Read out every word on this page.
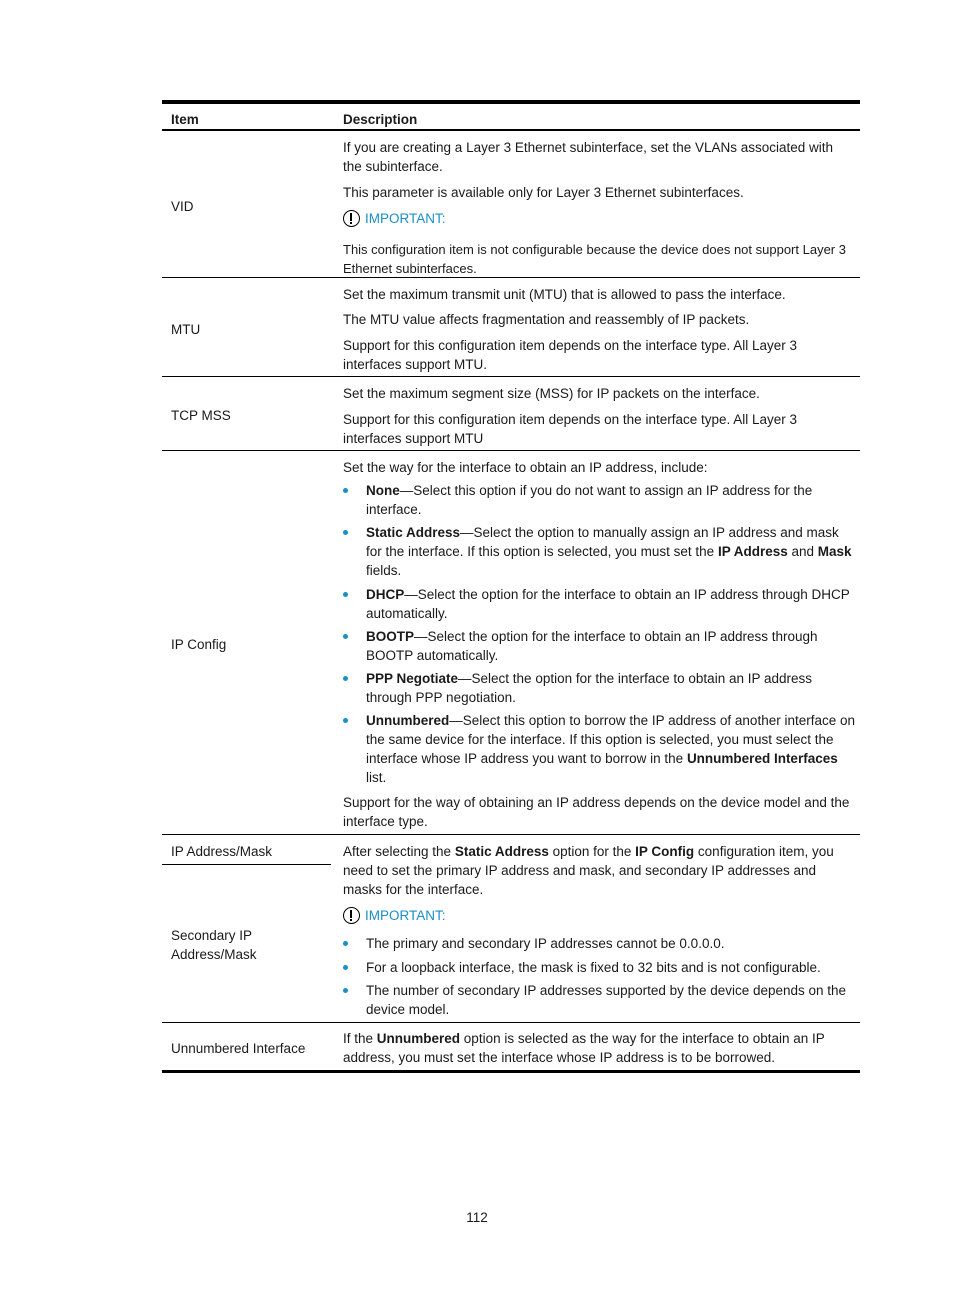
Item	Description
VID

If you are creating a Layer 3 Ethernet subinterface, set the VLANs associated with the subinterface.

This parameter is available only for Layer 3 Ethernet subinterfaces.

IMPORTANT:

This configuration item is not configurable because the device does not support Layer 3 Ethernet subinterfaces.

MTU

Set the maximum transmit unit (MTU) that is allowed to pass the interface.

The MTU value affects fragmentation and reassembly of IP packets.

Support for this configuration item depends on the interface type. All Layer 3 interfaces support MTU.

TCP MSS

Set the maximum segment size (MSS) for IP packets on the interface.

Support for this configuration item depends on the interface type. All Layer 3 interfaces support MTU

IP Config

Set the way for the interface to obtain an IP address, include:

None—Select this option if you do not want to assign an IP address for the interface.

Static Address—Select the option to manually assign an IP address and mask for the interface. If this option is selected, you must set the IP Address and Mask fields.

DHCP—Select the option for the interface to obtain an IP address through DHCP automatically.

BOOTP—Select the option for the interface to obtain an IP address through BOOTP automatically.

PPP Negotiate—Select the option for the interface to obtain an IP address through PPP negotiation.

Unnumbered—Select this option to borrow the IP address of another interface on the same device for the interface. If this option is selected, you must select the interface whose IP address you want to borrow in the Unnumbered Interfaces list.

Support for the way of obtaining an IP address depends on the device model and the interface type.

IP Address/Mask
Secondary IP Address/Mask

After selecting the Static Address option for the IP Config configuration item, you need to set the primary IP address and mask, and secondary IP addresses and masks for the interface.

IMPORTANT:

The primary and secondary IP addresses cannot be 0.0.0.0.

For a loopback interface, the mask is fixed to 32 bits and is not configurable.

The number of secondary IP addresses supported by the device depends on the device model.

Unnumbered Interface

If the Unnumbered option is selected as the way for the interface to obtain an IP address, you must set the interface whose IP address is to be borrowed.

112
